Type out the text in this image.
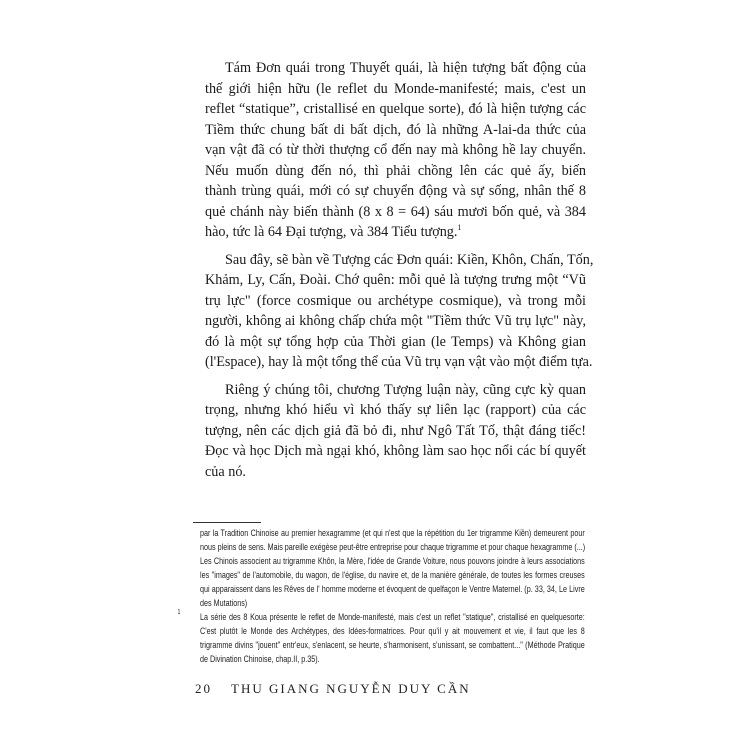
Tám Đơn quái trong Thuyết quái, là hiện tượng bất động của
thế giới hiện hữu (le reflet du Monde-manifesté; mais, c'est un
reflet “statique”, cristallisé en quelque sorte), đó là hiện tượng các
Tiềm thức chung bất di bất dịch, đó là những A-lai-da thức của
vạn vật đã có từ thời thượng cổ đến nay mà không hề lay chuyển.
Nếu muốn dùng đến nó, thì phải chồng lên các quẻ ấy, biến
thành trùng quái, mới có sự chuyển động và sự sống, nhân thế 8
quẻ chánh này biến thành (8 x 8 = 64) sáu mươi bốn quẻ, và 384
hào, tức là 64 Đại tượng, và 384 Tiểu tượng.$^1$
Sau đây, sẽ bàn về Tượng các Đơn quái: Kiền, Khôn, Chấn, Tốn,
Khảm, Ly, Cấn, Đoài. Chớ quên: mỗi quẻ là tượng trưng một “Vũ
trụ lực" (force cosmique ou archétype cosmique), và trong mỗi
người, không ai không chấp chứa một "Tiềm thức Vũ trụ lực" này,
đó là một sự tổng hợp của Thời gian (le Temps) và Không gian
(l'Espace), hay là một tổng thể của Vũ trụ vạn vật vào một điểm tựa.
Riêng ý chúng tôi, chương Tượng luận này, cũng cực kỳ quan
trọng, nhưng khó hiểu vì khó thấy sự liên lạc (rapport) của các
tượng, nên các dịch giả đã bỏ đi, như Ngô Tất Tố, thật đáng tiếc!
Đọc và học Dịch mà ngại khó, không làm sao học nổi các bí quyết
của nó.
par la Tradition Chinoise au premier hexagramme (et qui n'est que la répétition du 1er trigramme Kiền) demeurent pour
nous pleins de sens. Mais pareille exégèse peut-être entreprise pour chaque trigramme et pour chaque hexagramme (...)
Les Chinois associent au trigramme Khôn, la Mère, l'idée de Grande Voiture, nous pouvons joindre à leurs associations
les "images" de l'automobile, du wagon, de l'église, du navire et, de la manière générale, de toutes les formes creuses
qui apparaissent dans les Rêves de l' homme moderne et évoquent de quelfaçon le Ventre Maternel. (p. 33, 34, Le Livre
des Mutations)
1 La série des 8 Koua présente le reflet de Monde-manifesté, mais c'est un reflet "statique", cristallisé en quelquesorte:
C'est plutôt le Monde des Archétypes, des Idées-formatrices. Pour qu'il y ait mouvement et vie, il faut que les 8
trigramme divins "jouent" entr'eux, s'enlacent, se heurte, s'harmonisent, s'unissant, se combattent..." (Méthode Pratique
de Divination Chinoise, chap.II, p.35).
20 THU GIANG NGUYỄN DUY CẦN
